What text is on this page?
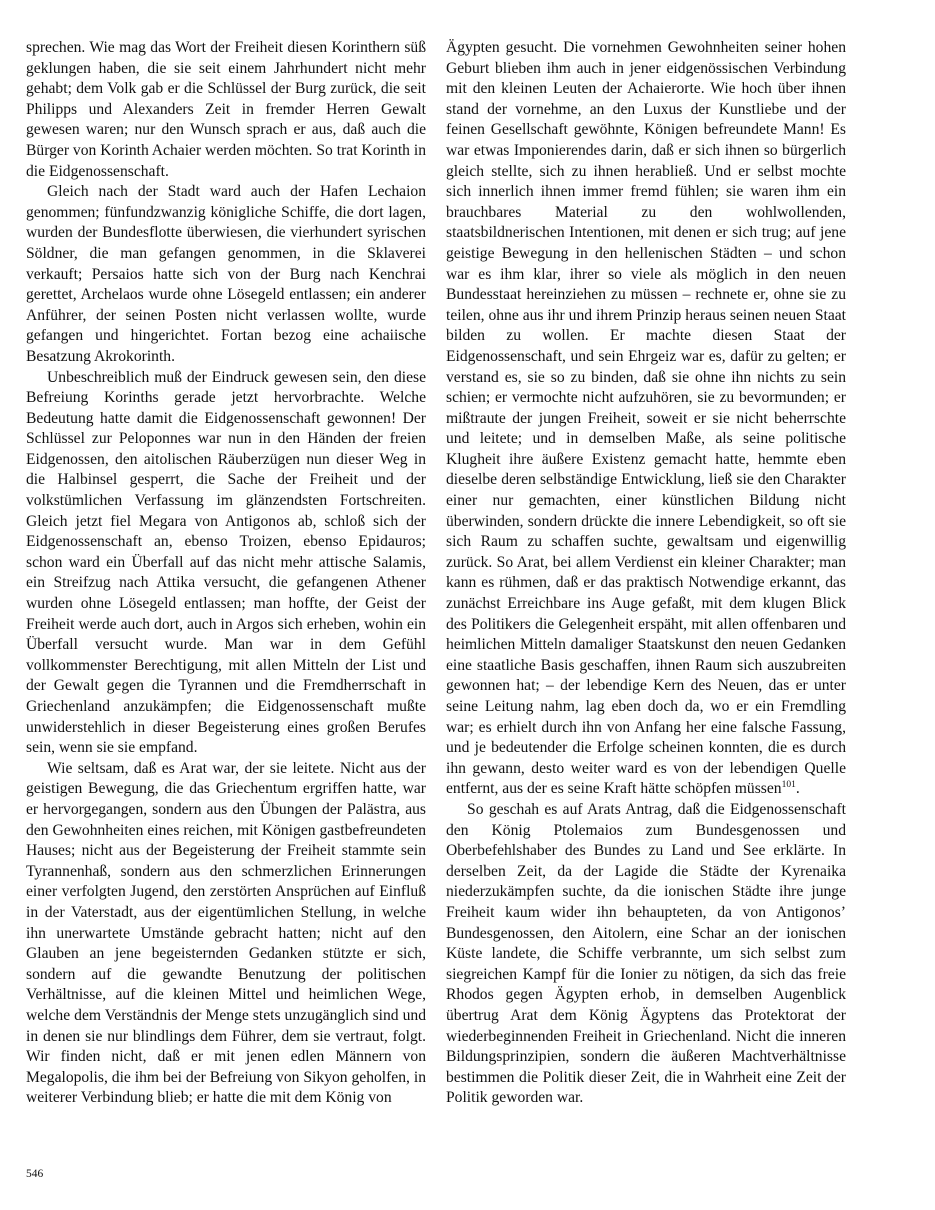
sprechen. Wie mag das Wort der Freiheit diesen Korinthern süß geklungen haben, die sie seit einem Jahrhundert nicht mehr gehabt; dem Volk gab er die Schlüssel der Burg zurück, die seit Philipps und Alexanders Zeit in fremder Herren Gewalt gewesen waren; nur den Wunsch sprach er aus, daß auch die Bürger von Korinth Achaier werden möchten. So trat Korinth in die Eidgenossenschaft.

Gleich nach der Stadt ward auch der Hafen Lechaion genommen; fünfundzwanzig königliche Schiffe, die dort lagen, wurden der Bundesflotte überwiesen, die vierhundert syrischen Söldner, die man gefangen genommen, in die Sklaverei verkauft; Persaios hatte sich von der Burg nach Kenchrai gerettet, Archelaos wurde ohne Lösegeld entlassen; ein anderer Anführer, der seinen Posten nicht verlassen wollte, wurde gefangen und hingerichtet. Fortan bezog eine achaiische Besatzung Akrokorinth.

Unbeschreiblich muß der Eindruck gewesen sein, den diese Befreiung Korinths gerade jetzt hervorbrachte. Welche Bedeutung hatte damit die Eidgenossenschaft gewonnen! Der Schlüssel zur Peloponnes war nun in den Händen der freien Eidgenossen, den aitolischen Räuberzügen nun dieser Weg in die Halbinsel gesperrt, die Sache der Freiheit und der volkstümlichen Verfassung im glänzendsten Fortschreiten. Gleich jetzt fiel Megara von Antigonos ab, schloß sich der Eidgenossenschaft an, ebenso Troizen, ebenso Epidauros; schon ward ein Überfall auf das nicht mehr attische Salamis, ein Streifzug nach Attika versucht, die gefangenen Athener wurden ohne Lösegeld entlassen; man hoffte, der Geist der Freiheit werde auch dort, auch in Argos sich erheben, wohin ein Überfall versucht wurde. Man war in dem Gefühl vollkommenster Berechtigung, mit allen Mitteln der List und der Gewalt gegen die Tyrannen und die Fremdherrschaft in Griechenland anzukämpfen; die Eidgenossenschaft mußte unwiderstehlich in dieser Begeisterung eines großen Berufes sein, wenn sie sie empfand.

Wie seltsam, daß es Arat war, der sie leitete. Nicht aus der geistigen Bewegung, die das Griechentum ergriffen hatte, war er hervorgegangen, sondern aus den Übungen der Palästra, aus den Gewohnheiten eines reichen, mit Königen gastbefreundeten Hauses; nicht aus der Begeisterung der Freiheit stammte sein Tyrannenhaß, sondern aus den schmerzlichen Erinnerungen einer verfolgten Jugend, den zerstörten Ansprüchen auf Einfluß in der Vaterstadt, aus der eigentümlichen Stellung, in welche ihn unerwartete Umstände gebracht hatten; nicht auf den Glauben an jene begeisternden Gedanken stützte er sich, sondern auf die gewandte Benutzung der politischen Verhältnisse, auf die kleinen Mittel und heimlichen Wege, welche dem Verständnis der Menge stets unzugänglich sind und in denen sie nur blindlings dem Führer, dem sie vertraut, folgt. Wir finden nicht, daß er mit jenen edlen Männern von Megalopolis, die ihm bei der Befreiung von Sikyon geholfen, in weiterer Verbindung blieb; er hatte die mit dem König von

Ägypten gesucht. Die vornehmen Gewohnheiten seiner hohen Geburt blieben ihm auch in jener eidgenössischen Verbindung mit den kleinen Leuten der Achaierorte. Wie hoch über ihnen stand der vornehme, an den Luxus der Kunstliebe und der feinen Gesellschaft gewöhnte, Königen befreundete Mann! Es war etwas Imponierendes darin, daß er sich ihnen so bürgerlich gleich stellte, sich zu ihnen herabließ. Und er selbst mochte sich innerlich ihnen immer fremd fühlen; sie waren ihm ein brauchbares Material zu den wohlwollenden, staatsbildnerischen Intentionen, mit denen er sich trug; auf jene geistige Bewegung in den hellenischen Städten – und schon war es ihm klar, ihrer so viele als möglich in den neuen Bundesstaat hereinziehen zu müssen – rechnete er, ohne sie zu teilen, ohne aus ihr und ihrem Prinzip heraus seinen neuen Staat bilden zu wollen. Er machte diesen Staat der Eidgenossenschaft, und sein Ehrgeiz war es, dafür zu gelten; er verstand es, sie so zu binden, daß sie ohne ihn nichts zu sein schien; er vermochte nicht aufzuhören, sie zu bevormunden; er mißtraute der jungen Freiheit, soweit er sie nicht beherrschte und leitete; und in demselben Maße, als seine politische Klugheit ihre äußere Existenz gemacht hatte, hemmte eben dieselbe deren selbständige Entwicklung, ließ sie den Charakter einer nur gemachten, einer künstlichen Bildung nicht überwinden, sondern drückte die innere Lebendigkeit, so oft sie sich Raum zu schaffen suchte, gewaltsam und eigenwillig zurück. So Arat, bei allem Verdienst ein kleiner Charakter; man kann es rühmen, daß er das praktisch Notwendige erkannt, das zunächst Erreichbare ins Auge gefaßt, mit dem klugen Blick des Politikers die Gelegenheit erspäht, mit allen offenbaren und heimlichen Mitteln damaliger Staatskunst den neuen Gedanken eine staatliche Basis geschaffen, ihnen Raum sich auszubreiten gewonnen hat; – der lebendige Kern des Neuen, das er unter seine Leitung nahm, lag eben doch da, wo er ein Fremdling war; es erhielt durch ihn von Anfang her eine falsche Fassung, und je bedeutender die Erfolge scheinen konnten, die es durch ihn gewann, desto weiter ward es von der lebendigen Quelle entfernt, aus der es seine Kraft hätte schöpfen müssen$^{101}$.

So geschah es auf Arats Antrag, daß die Eidgenossenschaft den König Ptolemaios zum Bundesgenossen und Oberbefehlshaber des Bundes zu Land und See erklärte. In derselben Zeit, da der Lagide die Städte der Kyrenaika niederzukämpfen suchte, da die ionischen Städte ihre junge Freiheit kaum wider ihn behaupteten, da von Antigonos’ Bundesgenossen, den Aitolern, eine Schar an der ionischen Küste landete, die Schiffe verbrannte, um sich selbst zum siegreichen Kampf für die Ionier zu nötigen, da sich das freie Rhodos gegen Ägypten erhob, in demselben Augenblick übertrug Arat dem König Ägyptens das Protektorat der wiederbeginnenden Freiheit in Griechenland. Nicht die inneren Bildungsprinzipien, sondern die äußeren Machtverhältnisse bestimmen die Politik dieser Zeit, die in Wahrheit eine Zeit der Politik geworden war.

546
